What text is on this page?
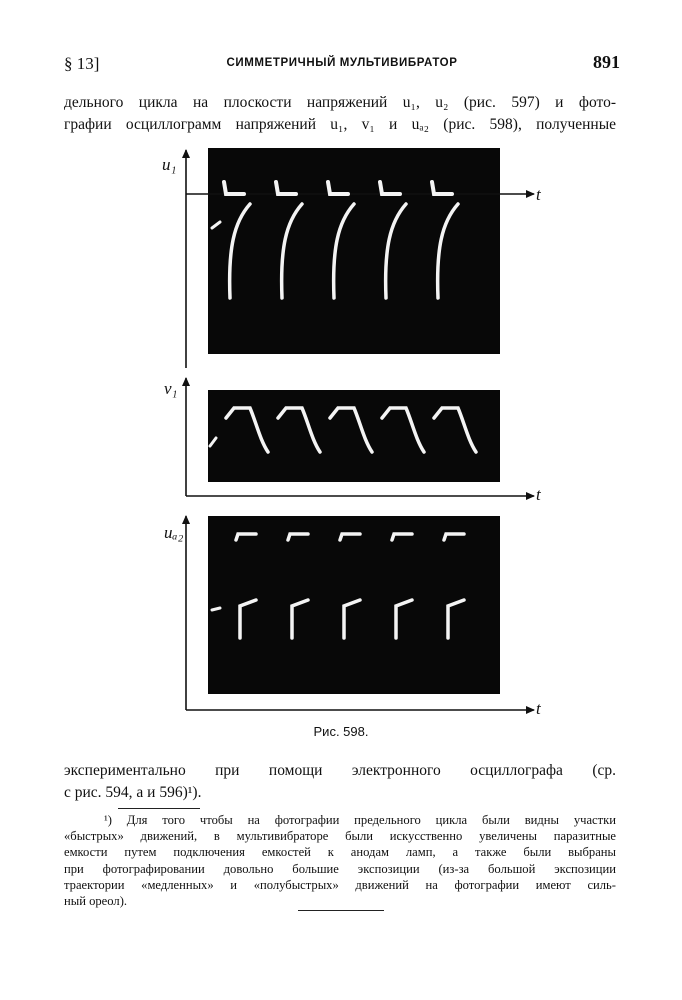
§ 13]	СИММЕТРИЧНЫЙ МУЛЬТИВИБРАТОР	891
дельного цикла на плоскости напряжений u₁, u₂ (рис. 597) и фото-
графии осциллограмм напряжений u₁, v₁ и uₐ₂ (рис. 598), полученные
u₁
t
v₁
t
uₐ₂
t
Рис. 598.
экспериментально при помощи электронного осциллографа (ср.
с рис. 594, а и 596)¹).
¹) Для того чтобы на фотографии предельного цикла были видны участки
«быстрых» движений, в мультивибраторе были искусственно увеличены паразитные
емкости путем подключения емкостей к анодам ламп, а также были выбраны
при фотографировании довольно большие экспозиции (из-за большой экспозиции
траектории «медленных» и «полубыстрых» движений на фотографии имеют силь-
ный ореол).
